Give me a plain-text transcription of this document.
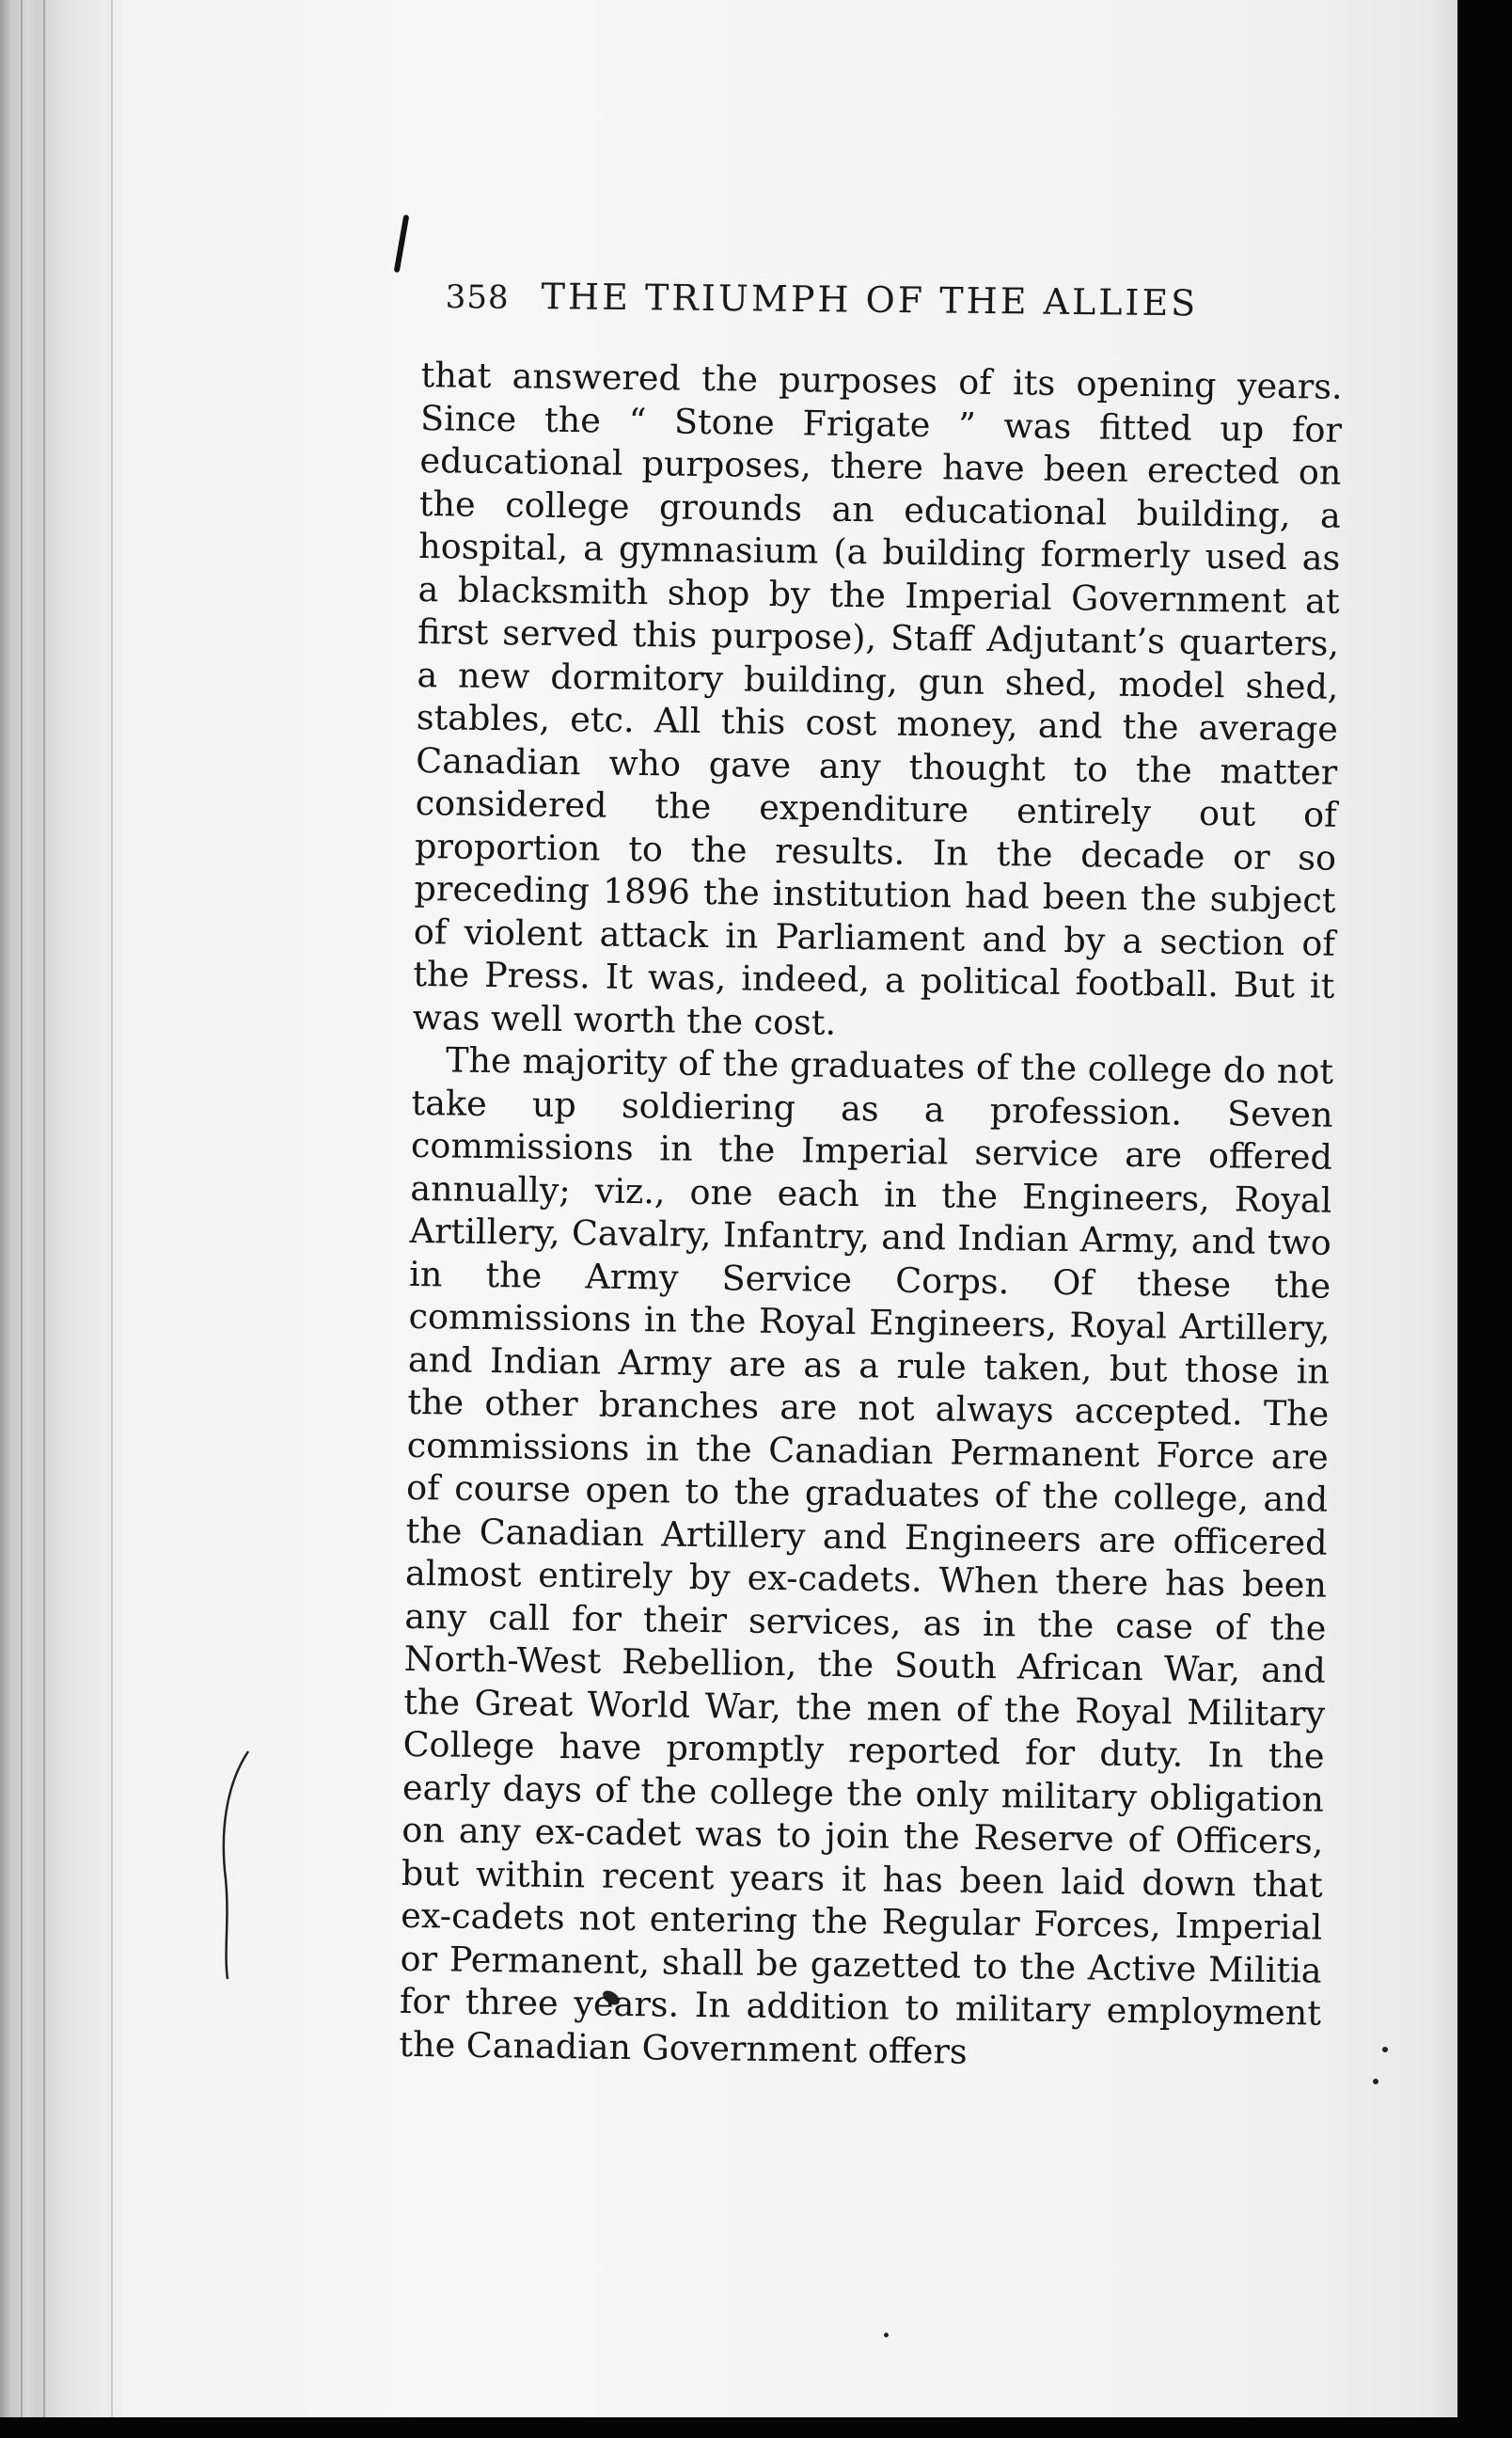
358 THE TRIUMPH OF THE ALLIES

that answered the purposes of its opening years. Since the “ Stone Frigate ” was fitted up for educational purposes, there have been erected on the college grounds an educational building, a hospital, a gymnasium (a building formerly used as a blacksmith shop by the Imperial Government at first served this purpose), Staff Adjutant’s quarters, a new dormitory building, gun shed, model shed, stables, etc. All this cost money, and the average Canadian who gave any thought to the matter considered the expenditure entirely out of proportion to the results. In the decade or so preceding 1896 the institution had been the subject of violent attack in Parliament and by a section of the Press. It was, indeed, a political football. But it was well worth the cost.

The majority of the graduates of the college do not take up soldiering as a profession. Seven commissions in the Imperial service are offered annually; viz., one each in the Engineers, Royal Artillery, Cavalry, Infantry, and Indian Army, and two in the Army Service Corps. Of these the commissions in the Royal Engineers, Royal Artillery, and Indian Army are as a rule taken, but those in the other branches are not always accepted. The commissions in the Canadian Permanent Force are of course open to the graduates of the college, and the Canadian Artillery and Engineers are officered almost entirely by ex-cadets. When there has been any call for their services, as in the case of the North-West Rebellion, the South African War, and the Great World War, the men of the Royal Military College have promptly reported for duty. In the early days of the college the only military obligation on any ex-cadet was to join the Reserve of Officers, but within recent years it has been laid down that ex-cadets not entering the Regular Forces, Imperial or Permanent, shall be gazetted to the Active Militia for three years. In addition to military employment the Canadian Government offers
